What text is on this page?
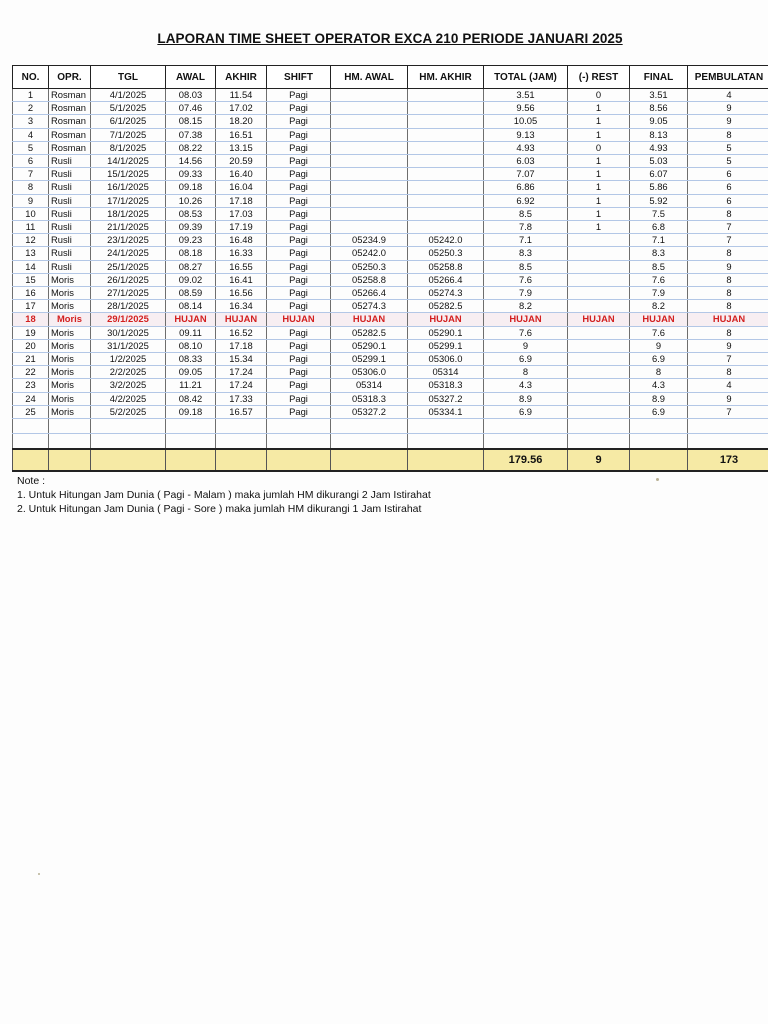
LAPORAN TIME SHEET OPERATOR EXCA 210 PERIODE JANUARI 2025
NO.	OPR.	TGL	AWAL	AKHIR	SHIFT	HM. AWAL	HM. AKHIR	TOTAL (JAM)	(-) REST	FINAL	PEMBULATAN
1	Rosman	4/1/2025	08.03	11.54	Pagi			3.51	0	3.51	4
2	Rosman	5/1/2025	07.46	17.02	Pagi			9.56	1	8.56	9
3	Rosman	6/1/2025	08.15	18.20	Pagi			10.05	1	9.05	9
4	Rosman	7/1/2025	07.38	16.51	Pagi			9.13	1	8.13	8
5	Rosman	8/1/2025	08.22	13.15	Pagi			4.93	0	4.93	5
6	Rusli	14/1/2025	14.56	20.59	Pagi			6.03	1	5.03	5
7	Rusli	15/1/2025	09.33	16.40	Pagi			7.07	1	6.07	6
8	Rusli	16/1/2025	09.18	16.04	Pagi			6.86	1	5.86	6
9	Rusli	17/1/2025	10.26	17.18	Pagi			6.92	1	5.92	6
10	Rusli	18/1/2025	08.53	17.03	Pagi			8.5	1	7.5	8
11	Rusli	21/1/2025	09.39	17.19	Pagi			7.8	1	6.8	7
12	Rusli	23/1/2025	09.23	16.48	Pagi	05234.9	05242.0	7.1		7.1	7
13	Rusli	24/1/2025	08.18	16.33	Pagi	05242.0	05250.3	8.3		8.3	8
14	Rusli	25/1/2025	08.27	16.55	Pagi	05250.3	05258.8	8.5		8.5	9
15	Moris	26/1/2025	09.02	16.41	Pagi	05258.8	05266.4	7.6		7.6	8
16	Moris	27/1/2025	08.59	16.56	Pagi	05266.4	05274.3	7.9		7.9	8
17	Moris	28/1/2025	08.14	16.34	Pagi	05274.3	05282.5	8.2		8.2	8
18	Moris	29/1/2025	HUJAN	HUJAN	HUJAN	HUJAN	HUJAN	HUJAN	HUJAN	HUJAN	HUJAN
19	Moris	30/1/2025	09.11	16.52	Pagi	05282.5	05290.1	7.6		7.6	8
20	Moris	31/1/2025	08.10	17.18	Pagi	05290.1	05299.1	9		9	9
21	Moris	1/2/2025	08.33	15.34	Pagi	05299.1	05306.0	6.9		6.9	7
22	Moris	2/2/2025	09.05	17.24	Pagi	05306.0	05314	8		8	8
23	Moris	3/2/2025	11.21	17.24	Pagi	05314	05318.3	4.3		4.3	4
24	Moris	4/2/2025	08.42	17.33	Pagi	05318.3	05327.2	8.9		8.9	9
25	Moris	5/2/2025	09.18	16.57	Pagi	05327.2	05334.1	6.9		6.9	7

								179.56	9		173
Note :
1. Untuk Hitungan Jam Dunia ( Pagi - Malam ) maka jumlah HM dikurangi 2 Jam Istirahat
2. Untuk Hitungan Jam Dunia ( Pagi - Sore ) maka jumlah HM dikurangi 1 Jam Istirahat
